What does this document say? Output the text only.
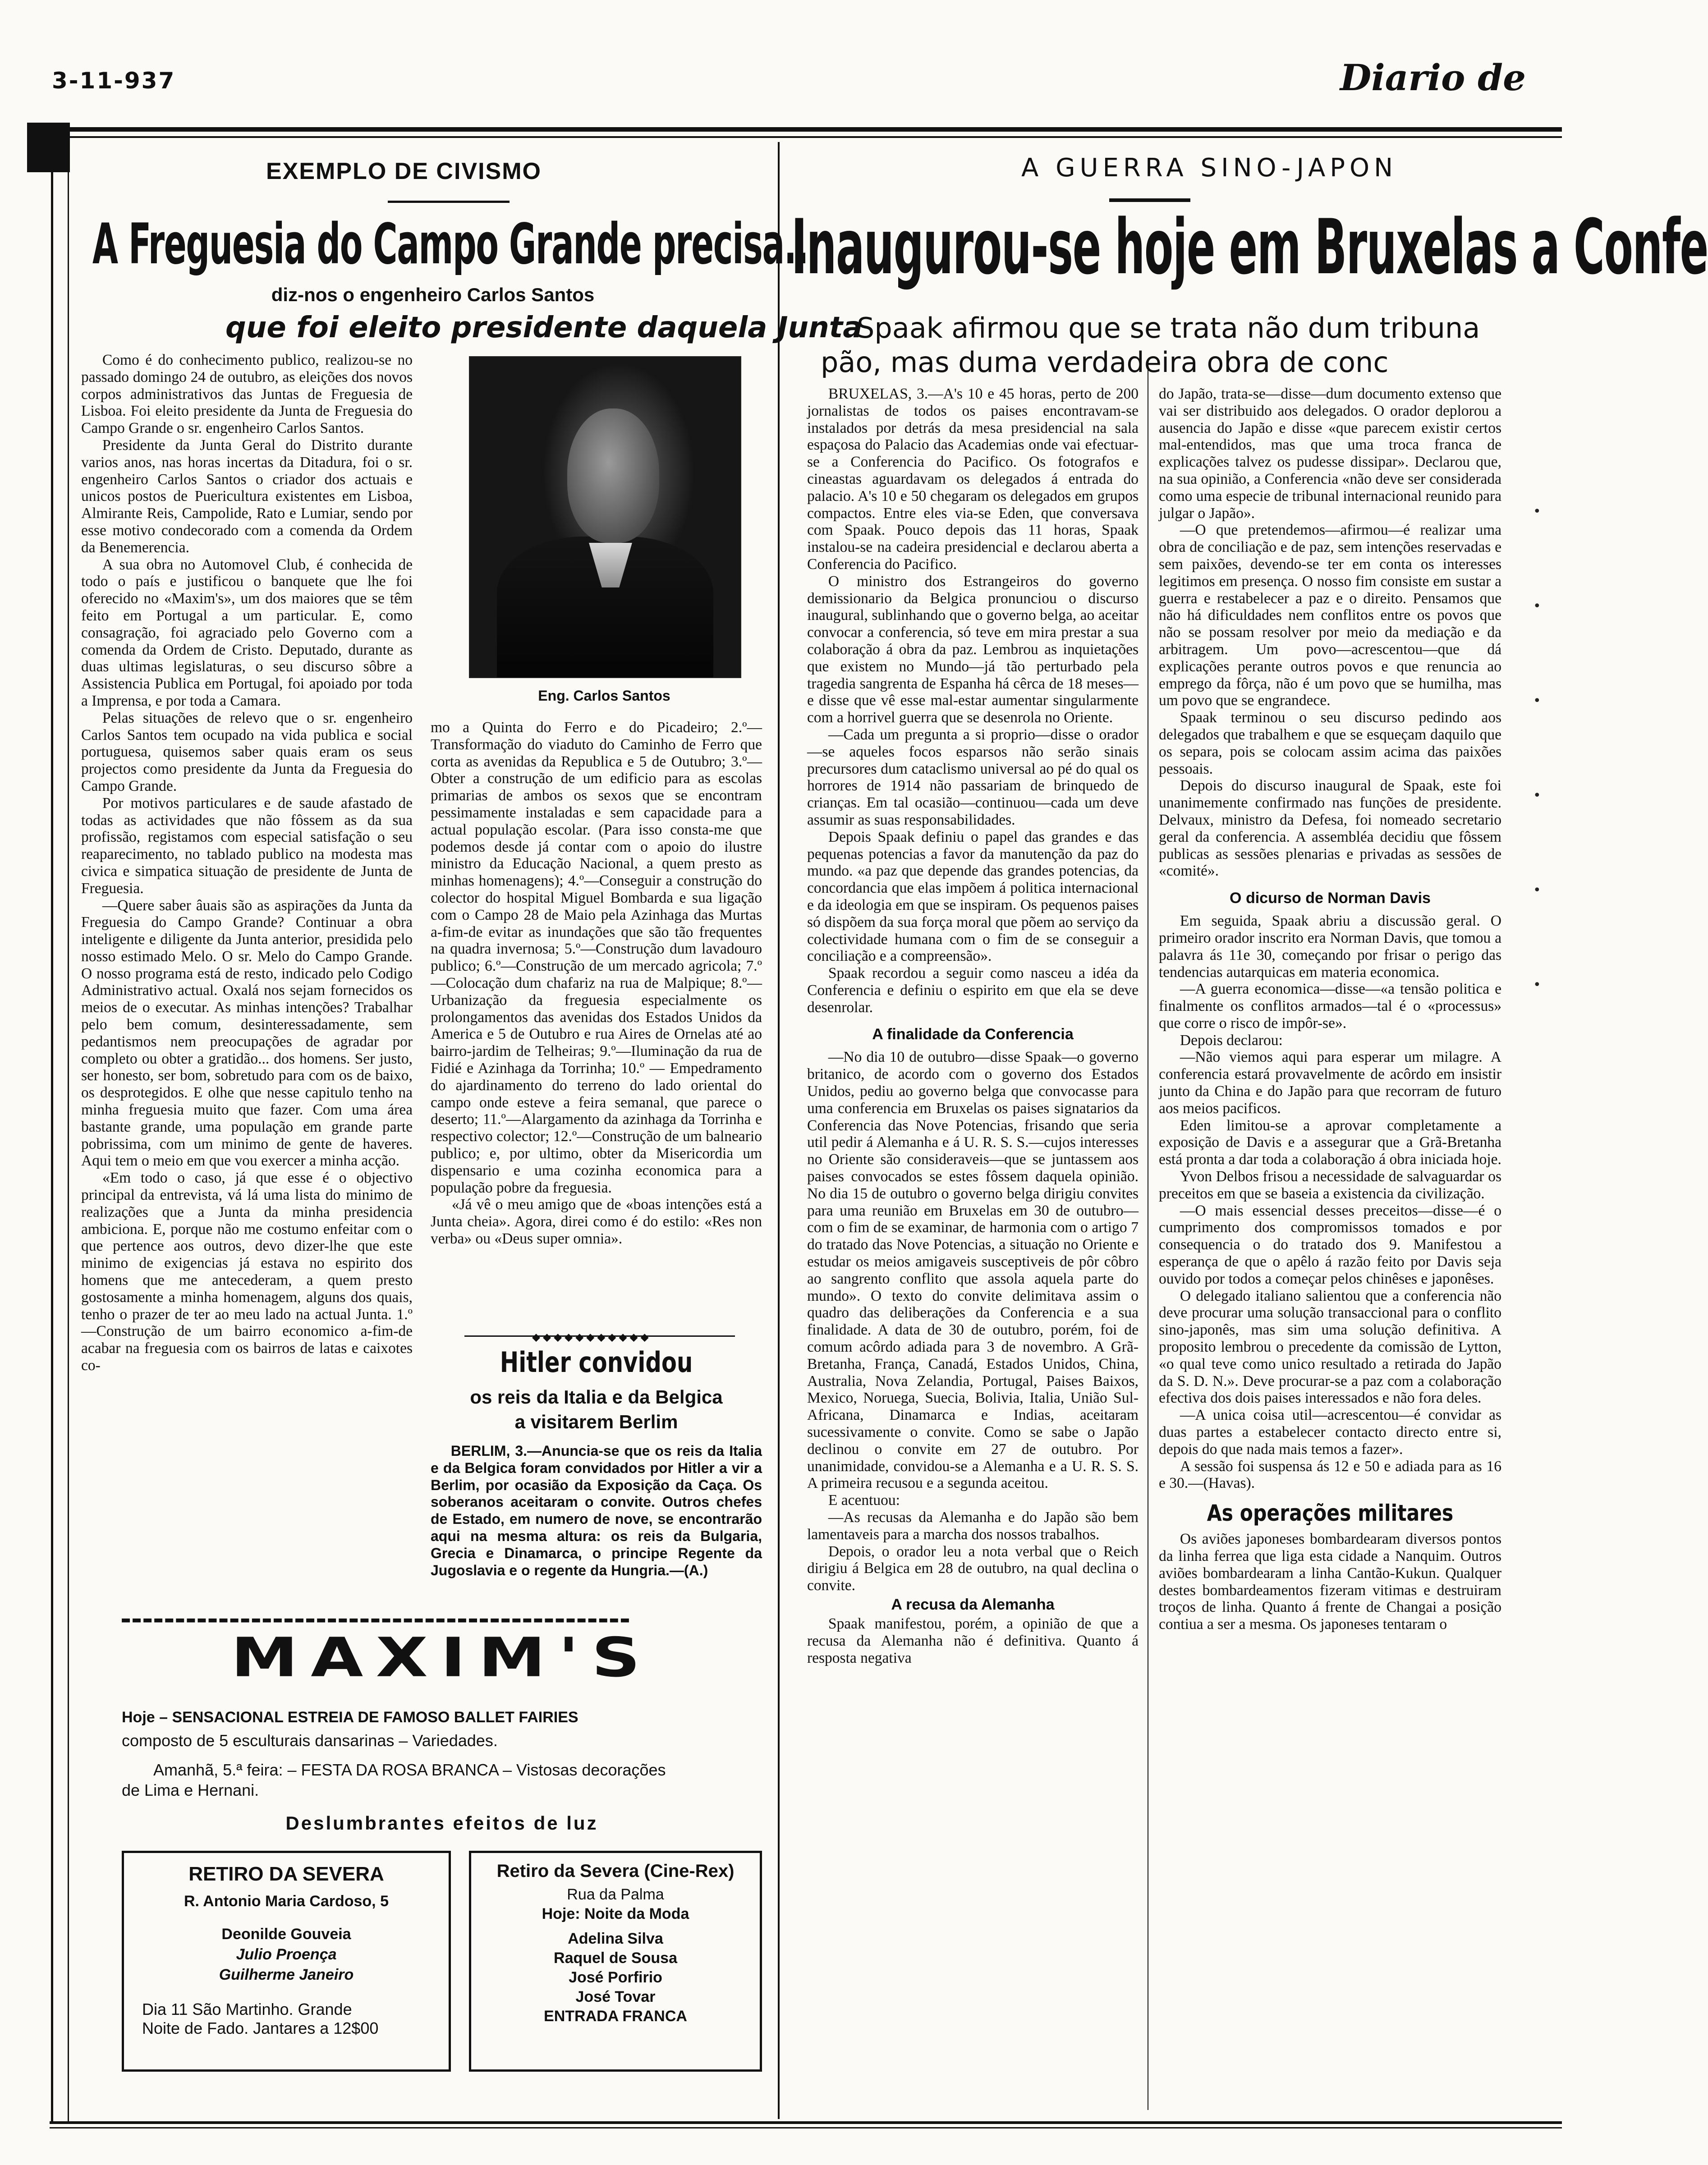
3-11-937	Diario de
EXEMPLO DE CIVISMO
A Freguesia do Campo Grande precisa...
diz-nos o engenheiro Carlos Santos
que foi eleito presidente daquela Junta

Como é do conhecimento publico, realizou-se no passado domingo 24 de outubro, as eleições dos novos corpos administrativos das Juntas de Freguesia de Lisboa. Foi eleito presidente da Junta de Freguesia do Campo Grande o sr. engenheiro Carlos Santos.

Presidente da Junta Geral do Distrito durante varios anos, nas horas incertas da Ditadura, foi o sr. engenheiro Carlos Santos o criador dos actuais e unicos postos de Puericultura existentes em Lisboa, Almirante Reis, Campolide, Rato e Lumiar, sendo por esse motivo condecorado com a comenda da Ordem da Benemerencia.

A sua obra no Automovel Club, é conhecida de todo o país e justificou o banquete que lhe foi oferecido no «Maxim's», um dos maiores que se têm feito em Portugal a um particular. E, como consagração, foi agraciado pelo Governo com a comenda da Ordem de Cristo. Deputado, durante as duas ultimas legislaturas, o seu discurso sôbre a Assistencia Publica em Portugal, foi apoiado por toda a Imprensa, e por toda a Camara.

Pelas situações de relevo que o sr. engenheiro Carlos Santos tem ocupado na vida publica e social portuguesa, quisemos saber quais eram os seus projectos como presidente da Junta da Freguesia do Campo Grande.

Por motivos particulares e de saude afastado de todas as actividades que não fôssem as da sua profissão, registamos com especial satisfação o seu reaparecimento, no tablado publico na modesta mas civica e simpatica situação de presidente de Junta de Freguesia.

—Quere saber âuais são as aspirações da Junta da Freguesia do Campo Grande? Continuar a obra inteligente e diligente da Junta anterior, presidida pelo nosso estimado Melo. O sr. Melo do Campo Grande. O nosso programa está de resto, indicado pelo Codigo Administrativo actual. Oxalá nos sejam fornecidos os meios de o executar. As minhas intenções? Trabalhar pelo bem comum, desinteressadamente, sem pedantismos nem preocupações de agradar por completo ou obter a gratidão... dos homens. Ser justo, ser honesto, ser bom, sobretudo para com os de baixo, os desprotegidos. E olhe que nesse capitulo tenho na minha freguesia muito que fazer. Com uma área bastante grande, uma população em grande parte pobrissima, com um minimo de gente de haveres. Aqui tem o meio em que vou exercer a minha acção.

«Em todo o caso, já que esse é o objectivo principal da entrevista, vá lá uma lista do minimo de realizações que a Junta da minha presidencia ambiciona. E, porque não me costumo enfeitar com o que pertence aos outros, devo dizer-lhe que este minimo de exigencias já estava no espirito dos homens que me antecederam, a quem presto gostosamente a minha homenagem, alguns dos quais, tenho o prazer de ter ao meu lado na actual Junta. 1.º—Construção de um bairro economico a-fim-de acabar na freguesia com os bairros de latas e caixotes co-

Eng. Carlos Santos

mo a Quinta do Ferro e do Picadeiro; 2.º—Transformação do viaduto do Caminho de Ferro que corta as avenidas da Republica e 5 de Outubro; 3.º—Obter a construção de um edificio para as escolas primarias de ambos os sexos que se encontram pessimamente instaladas e sem capacidade para a actual população escolar. (Para isso consta-me que podemos desde já contar com o apoio do ilustre ministro da Educação Nacional, a quem presto as minhas homenagens); 4.º—Conseguir a construção do colector do hospital Miguel Bombarda e sua ligação com o Campo 28 de Maio pela Azinhaga das Murtas a-fim-de evitar as inundações que são tão frequentes na quadra invernosa; 5.º—Construção dum lavadouro publico; 6.º—Construção de um mercado agricola; 7.º—Colocação dum chafariz na rua de Malpique; 8.º—Urbanização da freguesia especialmente os prolongamentos das avenidas dos Estados Unidos da America e 5 de Outubro e rua Aires de Ornelas até ao bairro-jardim de Telheiras; 9.º—Iluminação da rua de Fidié e Azinhaga da Torrinha; 10.º — Empedramento do ajardinamento do terreno do lado oriental do campo onde esteve a feira semanal, que parece o deserto; 11.º—Alargamento da azinhaga da Torrinha e respectivo colector; 12.º—Construção de um balneario publico; e, por ultimo, obter da Misericordia um dispensario e uma cozinha economica para a população pobre da freguesia.

«Já vê o meu amigo que de «boas intenções está a Junta cheia». Agora, direi como é do estilo: «Res non verba» ou «Deus super omnia».

◆◆◆◆◆◆◆◆◆◆◆
Hitler convidou
os reis da Italia e da Belgica
a visitarem Berlim

BERLIM, 3.—Anuncia-se que os reis da Italia e da Belgica foram convidados por Hitler a vir a Berlim, por ocasião da Exposição da Caça. Os soberanos aceitaram o convite. Outros chefes de Estado, em numero de nove, se encontrarão aqui na mesma altura: os reis da Bulgaria, Grecia e Dinamarca, o principe Regente da Jugoslavia e o regente da Hungria.—(A.)

▬▬▬▬▬▬▬▬▬▬▬▬▬▬▬▬▬▬▬▬▬▬▬▬▬▬▬▬▬▬▬▬▬▬▬▬▬▬▬▬▬▬▬▬▬▬▬
MAXIM'S
Hoje – SENSACIONAL ESTREIA DE FAMOSO BALLET FAIRIES
composto de 5 esculturais dansarinas – Variedades.
Amanhã, 5.ª feira: – FESTA DA ROSA BRANCA – Vistosas decorações
de Lima e Hernani.
Deslumbrantes efeitos de luz
RETIRO DA SEVERA
R. Antonio Maria Cardoso, 5
Deonilde Gouveia
Julio Proença
Guilherme Janeiro
Dia 11 São Martinho. Grande
Noite de Fado. Jantares a 12$00
Retiro da Severa (Cine-Rex)
Rua da Palma
Hoje: Noite da Moda
Adelina Silva
Raquel de Sousa
José Porfirio
José Tovar
ENTRADA FRANCA
A GUERRA SINO-JAPON
Inaugurou-se hoje em Bruxelas a Confe
Spaak afirmou que se trata não dum tribuna
pão, mas duma verdadeira obra de conc

BRUXELAS, 3.—A's 10 e 45 horas, perto de 200 jornalistas de todos os paises encontravam-se instalados por detrás da mesa presidencial na sala espaçosa do Palacio das Academias onde vai efectuar-se a Conferencia do Pacifico. Os fotografos e cineastas aguardavam os delegados á entrada do palacio. A's 10 e 50 chegaram os delegados em grupos compactos. Entre eles via-se Eden, que conversava com Spaak. Pouco depois das 11 horas, Spaak instalou-se na cadeira presidencial e declarou aberta a Conferencia do Pacifico.

O ministro dos Estrangeiros do governo demissionario da Belgica pronunciou o discurso inaugural, sublinhando que o governo belga, ao aceitar convocar a conferencia, só teve em mira prestar a sua colaboração á obra da paz. Lembrou as inquietações que existem no Mundo—já tão perturbado pela tragedia sangrenta de Espanha há cêrca de 18 meses—e disse que vê esse mal-estar aumentar singularmente com a horrivel guerra que se desenrola no Oriente.

—Cada um pregunta a si proprio—disse o orador—se aqueles focos esparsos não serão sinais precursores dum cataclismo universal ao pé do qual os horrores de 1914 não passariam de brinquedo de crianças. Em tal ocasião—continuou—cada um deve assumir as suas responsabilidades.

Depois Spaak definiu o papel das grandes e das pequenas potencias a favor da manutenção da paz do mundo. «a paz que depende das grandes potencias, da concordancia que elas impõem á politica internacional e da ideologia em que se inspiram. Os pequenos paises só dispõem da sua força moral que põem ao serviço da colectividade humana com o fim de se conseguir a conciliação e a compreensão».

Spaak recordou a seguir como nasceu a idéa da Conferencia e definiu o espirito em que ela se deve desenrolar.

A finalidade da Conferencia

—No dia 10 de outubro—disse Spaak—o governo britanico, de acordo com o governo dos Estados Unidos, pediu ao governo belga que convocasse para uma conferencia em Bruxelas os paises signatarios da Conferencia das Nove Potencias, frisando que seria util pedir á Alemanha e á U. R. S. S.—cujos interesses no Oriente são consideraveis—que se juntassem aos paises convocados se estes fôssem daquela opinião. No dia 15 de outubro o governo belga dirigiu convites para uma reunião em Bruxelas em 30 de outubro—com o fim de se examinar, de harmonia com o artigo 7 do tratado das Nove Potencias, a situação no Oriente e estudar os meios amigaveis susceptiveis de pôr côbro ao sangrento conflito que assola aquela parte do mundo». O texto do convite delimitava assim o quadro das deliberações da Conferencia e a sua finalidade. A data de 30 de outubro, porém, foi de comum acôrdo adiada para 3 de novembro. A Grã-Bretanha, França, Canadá, Estados Unidos, China, Australia, Nova Zelandia, Portugal, Paises Baixos, Mexico, Noruega, Suecia, Bolivia, Italia, União Sul-Africana, Dinamarca e Indias, aceitaram sucessivamente o convite. Como se sabe o Japão declinou o convite em 27 de outubro. Por unanimidade, convidou-se a Alemanha e a U. R. S. S. A primeira recusou e a segunda aceitou.

E acentuou:

—As recusas da Alemanha e do Japão são bem lamentaveis para a marcha dos nossos trabalhos.

Depois, o orador leu a nota verbal que o Reich dirigiu á Belgica em 28 de outubro, na qual declina o convite.

A recusa da Alemanha

Spaak manifestou, porém, a opinião de que a recusa da Alemanha não é definitiva. Quanto á resposta negativa

do Japão, trata-se—disse—dum documento extenso que vai ser distribuido aos delegados. O orador deplorou a ausencia do Japão e disse «que parecem existir certos mal-entendidos, mas que uma troca franca de explicações talvez os pudesse dissipar». Declarou que, na sua opinião, a Conferencia «não deve ser considerada como uma especie de tribunal internacional reunido para julgar o Japão».

—O que pretendemos—afirmou—é realizar uma obra de conciliação e de paz, sem intenções reservadas e sem paixões, devendo-se ter em conta os interesses legitimos em presença. O nosso fim consiste em sustar a guerra e restabelecer a paz e o direito. Pensamos que não há dificuldades nem conflitos entre os povos que não se possam resolver por meio da mediação e da arbitragem. Um povo—acrescentou—que dá explicações perante outros povos e que renuncia ao emprego da fôrça, não é um povo que se humilha, mas um povo que se engrandece.

Spaak terminou o seu discurso pedindo aos delegados que trabalhem e que se esqueçam daquilo que os separa, pois se colocam assim acima das paixões pessoais.

Depois do discurso inaugural de Spaak, este foi unanimemente confirmado nas funções de presidente. Delvaux, ministro da Defesa, foi nomeado secretario geral da conferencia. A assembléa decidiu que fôssem publicas as sessões plenarias e privadas as sessões de «comité».

O dicurso de Norman Davis

Em seguida, Spaak abriu a discussão geral. O primeiro orador inscrito era Norman Davis, que tomou a palavra ás 11e 30, começando por frisar o perigo das tendencias autarquicas em materia economica.

—A guerra economica—disse—«a tensão politica e finalmente os conflitos armados—tal é o «processus» que corre o risco de impôr-se».

Depois declarou:

—Não viemos aqui para esperar um milagre. A conferencia estará provavelmente de acôrdo em insistir junto da China e do Japão para que recorram de futuro aos meios pacificos.

Eden limitou-se a aprovar completamente a exposição de Davis e a assegurar que a Grã-Bretanha está pronta a dar toda a colaboração á obra iniciada hoje.

Yvon Delbos frisou a necessidade de salvaguardar os preceitos em que se baseia a existencia da civilização.

—O mais essencial desses preceitos—disse—é o cumprimento dos compromissos tomados e por consequencia o do tratado dos 9. Manifestou a esperança de que o apêlo á razão feito por Davis seja ouvido por todos a começar pelos chinêses e japonêses.

O delegado italiano salientou que a conferencia não deve procurar uma solução transaccional para o conflito sino-japonês, mas sim uma solução definitiva. A proposito lembrou o precedente da comissão de Lytton, «o qual teve como unico resultado a retirada do Japão da S. D. N.». Deve procurar-se a paz com a colaboração efectiva dos dois paises interessados e não fora deles.

—A unica coisa util—acrescentou—é convidar as duas partes a estabelecer contacto directo entre si, depois do que nada mais temos a fazer».

A sessão foi suspensa ás 12 e 50 e adiada para as 16 e 30.—(Havas).

As operações militares

Os aviões japoneses bombardearam diversos pontos da linha ferrea que liga esta cidade a Nanquim. Outros aviões bombardearam a linha Cantão-Kukun. Qualquer destes bombardeamentos fizeram vitimas e destruiram troços de linha. Quanto á frente de Changai a posição contiua a ser a mesma. Os japoneses tentaram o

•
•
•
•
•
•
